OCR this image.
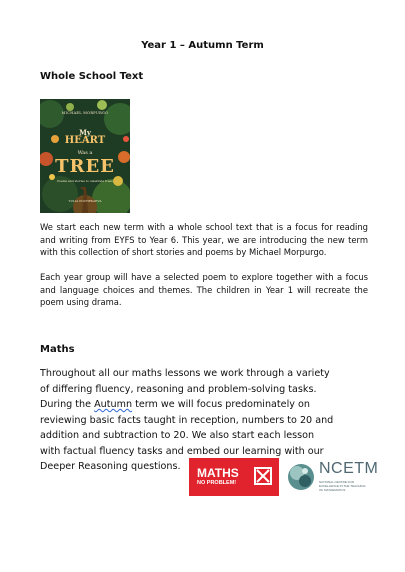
Year 1 – Autumn Term
Whole School Text
MICHAEL MORPURGO
My
HEART
Was a
TREE
Poems and stories to celebrate trees
YULIA POCHEKAEVA

We start each new term with a whole school text that is a focus for reading and writing from EYFS to Year 6. This year, we are introducing the new term with this collection of short stories and poems by Michael Morpurgo.

Each year group will have a selected poem to explore together with a focus and language choices and themes. The children in Year 1 will recreate the poem using drama.

Maths
Throughout all our maths lessons we work through a variety
of differing fluency, reasoning and problem-solving tasks.
During the Autumn term we will focus predominately on
reviewing basic facts taught in reception, numbers to 20 and
addition and subtraction to 20. We also start each lesson
with factual fluency tasks and embed our learning with our
Deeper Reasoning questions.	MATHS
NO PROBLEM!
NCETM
NATIONAL CENTRE FOR EXCELLENCE IN THE TEACHING OF MATHEMATICS
